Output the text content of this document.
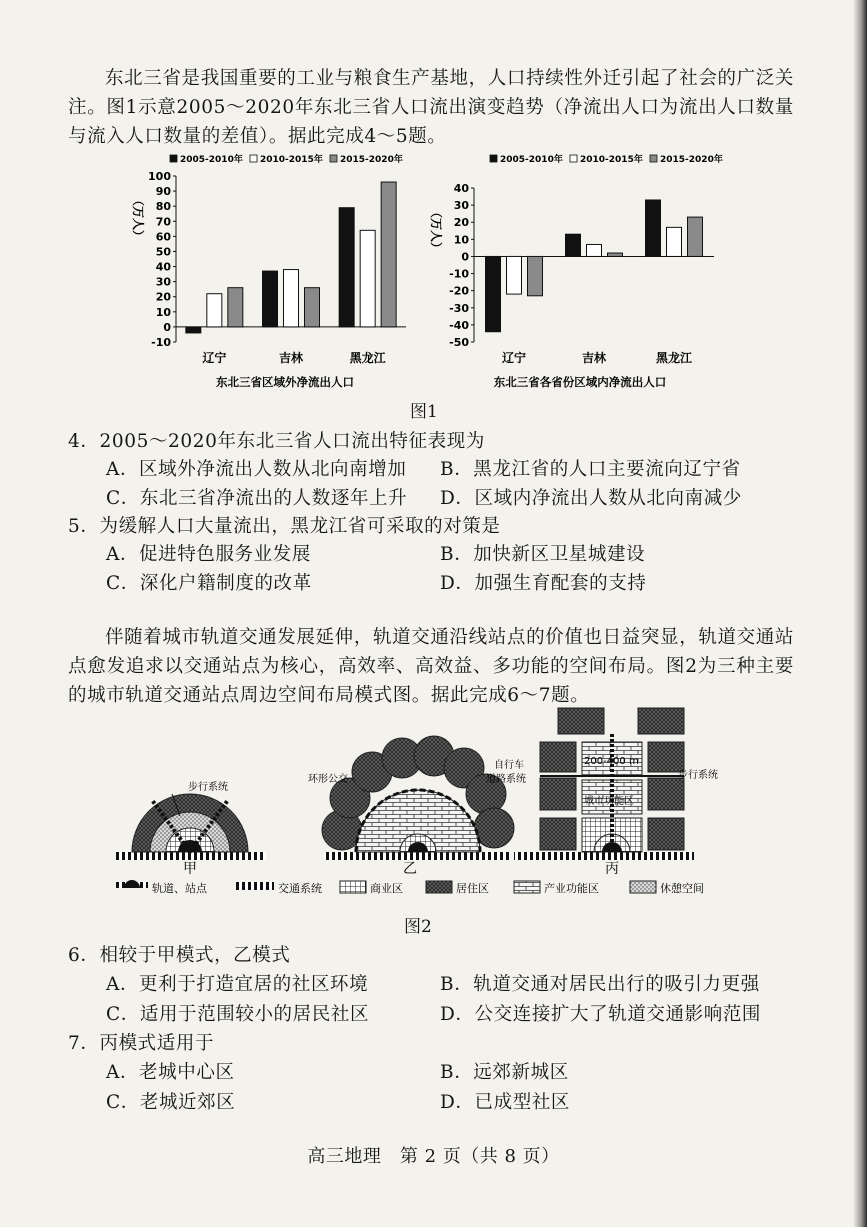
东北三省是我国重要的工业与粮食生产基地，人口持续性外迁引起了社会的广泛关注。图1示意2005～2020年东北三省人口流出演变趋势（净流出人口为流出人口数量与流入人口数量的差值）。据此完成4～5题。
-10
0
10
20
30
40
50
60
70
80
90
100
（万人）
辽宁	吉林	黑龙江
2005-2010年 2010-2015年 2015-2020年
东北三省区域外净流出人口
-50
-40
-30
-20
-10
0
10
20
30
40
（万人）
辽宁	吉林	黑龙江
2005-2010年 2010-2015年 2015-2020年
东北三省各省份区域内净流出人口
图1
4．2005～2020年东北三省人口流出特征表现为
A．区域外净流出人数从北向南增加 B．黑龙江省的人口主要流向辽宁省
C．东北三省净流出的人数逐年上升 D．区域内净流出人数从北向南减少
5．为缓解人口大量流出，黑龙江省可采取的对策是
A．促进特色服务业发展	B．加快新区卫星城建设
C．深化户籍制度的改革	D．加强生育配套的支持
伴随着城市轨道交通发展延伸，轨道交通沿线站点的价值也日益突显，轨道交通站点愈发追求以交通站点为核心，高效率、高效益、多功能的空间布局。图2为三种主要的城市轨道交通站点周边空间布局模式图。据此完成6～7题。
步行系统
甲
环形公交
乙
200-400 m
城市功能区
自行车
道路系统	步行系统
丙
轨道、站点	交通系统	商业区	居住区	产业功能区	休憩空间
图2
6．相较于甲模式，乙模式
A．更利于打造宜居的社区环境	B．轨道交通对居民出行的吸引力更强
C．适用于范围较小的居民社区	D．公交连接扩大了轨道交通影响范围
7．丙模式适用于
A．老城中心区	B．远郊新城区
C．老城近郊区	D．已成型社区
高三地理　第 2 页（共 8 页）
